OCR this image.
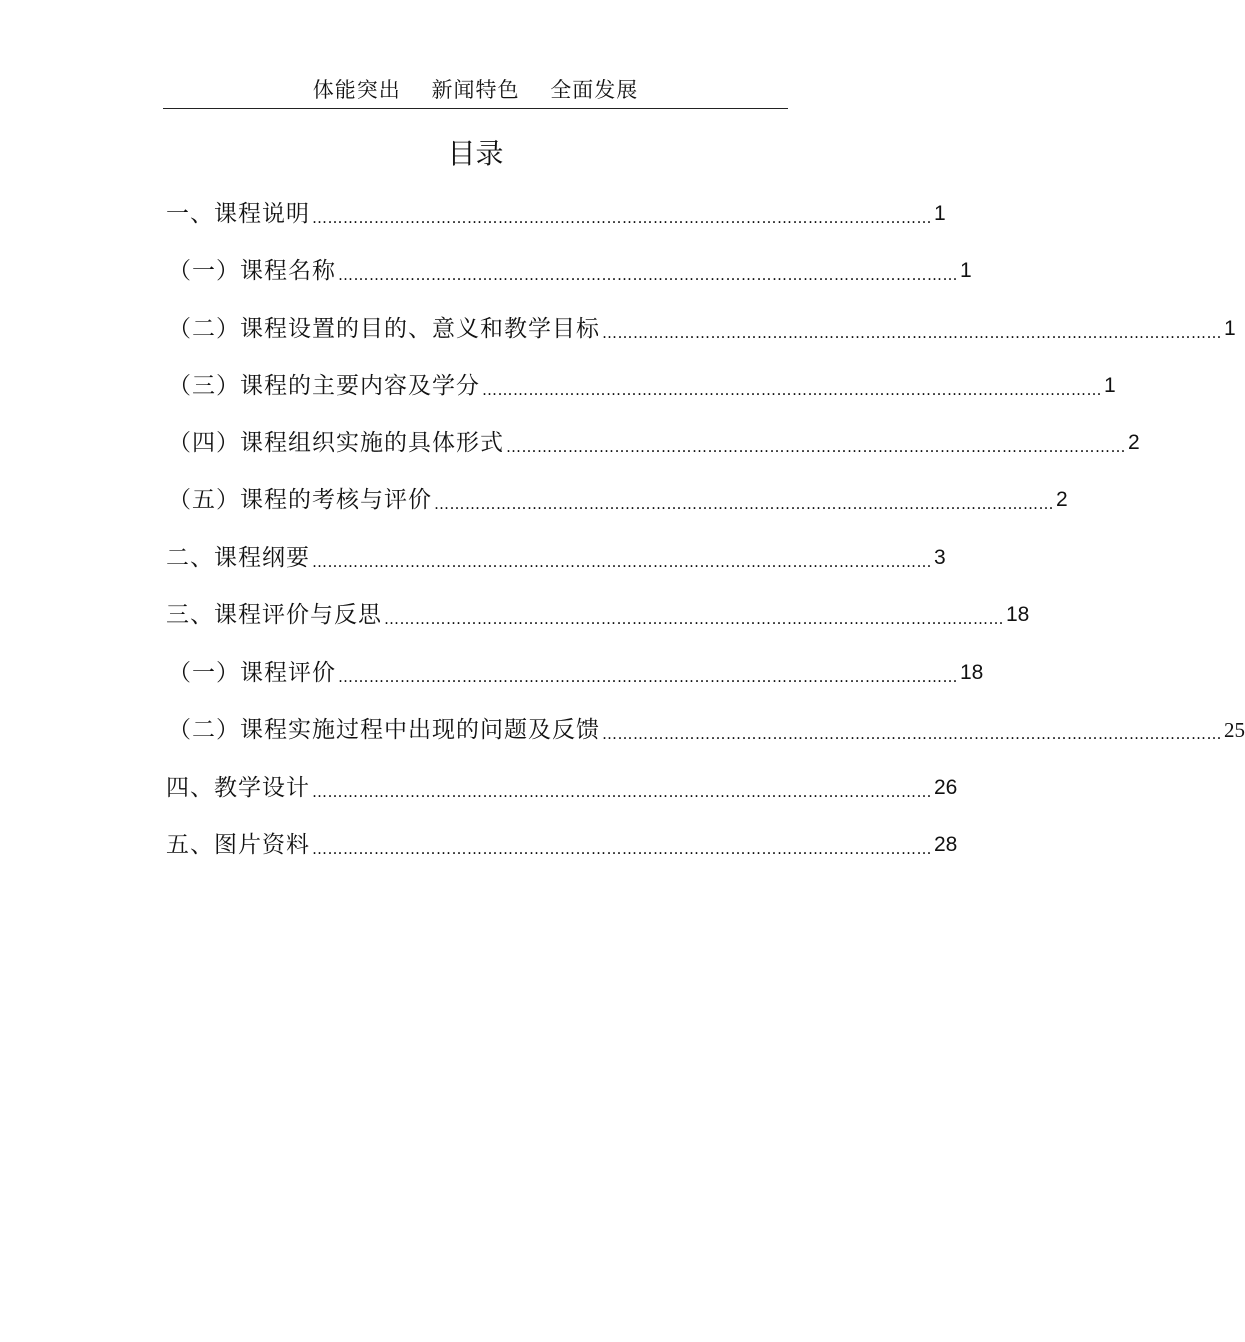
体能突出    新闻特色    全面发展
目录
一、课程说明 ………………………………………………………………………………………………………… 1
（一）课程名称 ………………………………………………………………………………………………………… 1
（二）课程设置的目的、意义和教学目标 ………………………………………………………………………………………………………… 1
（三）课程的主要内容及学分 ………………………………………………………………………………………………………… 1
（四）课程组织实施的具体形式 ………………………………………………………………………………………………………… 2
（五）课程的考核与评价 ………………………………………………………………………………………………………… 2
二、课程纲要 ………………………………………………………………………………………………………… 3
三、课程评价与反思 ………………………………………………………………………………………………………… 18
（一）课程评价 ………………………………………………………………………………………………………… 18
（二）课程实施过程中出现的问题及反馈 ………………………………………………………………………………………………………… 25
四、教学设计 ………………………………………………………………………………………………………… 26
五、图片资料 ………………………………………………………………………………………………………… 28
